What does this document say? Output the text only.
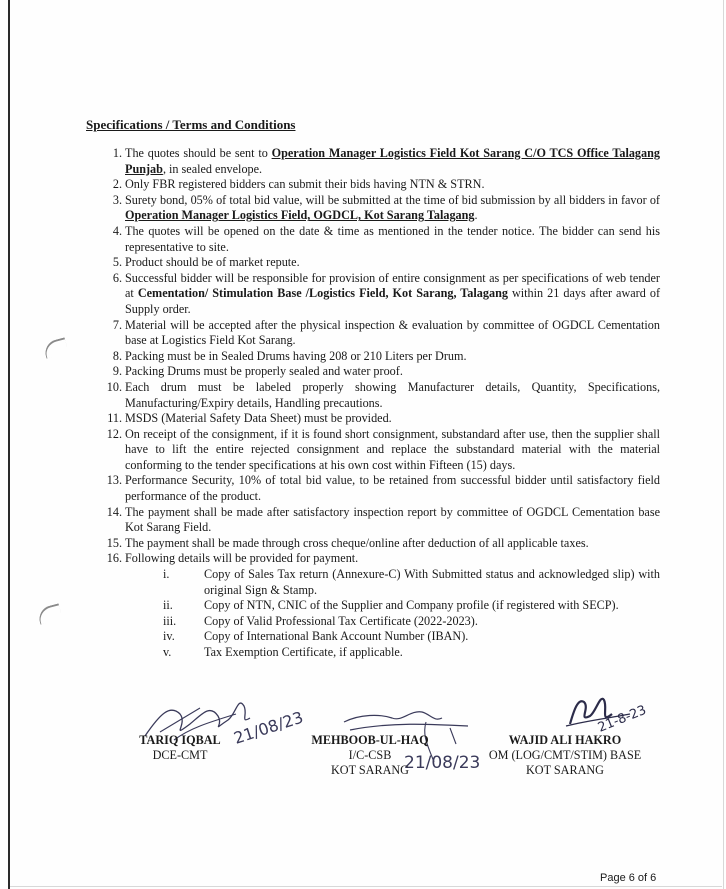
Specifications / Terms and Conditions
1. The quotes should be sent to Operation Manager Logistics Field Kot Sarang C/O TCS Office Talagang Punjab, in sealed envelope.
2. Only FBR registered bidders can submit their bids having NTN & STRN.
3. Surety bond, 05% of total bid value, will be submitted at the time of bid submission by all bidders in favor of Operation Manager Logistics Field, OGDCL, Kot Sarang Talagang.
4. The quotes will be opened on the date & time as mentioned in the tender notice. The bidder can send his representative to site.
5. Product should be of market repute.
6. Successful bidder will be responsible for provision of entire consignment as per specifications of web tender at Cementation/ Stimulation Base /Logistics Field, Kot Sarang, Talagang within 21 days after award of Supply order.
7. Material will be accepted after the physical inspection & evaluation by committee of OGDCL Cementation base at Logistics Field Kot Sarang.
8. Packing must be in Sealed Drums having 208 or 210 Liters per Drum.
9. Packing Drums must be properly sealed and water proof.
10. Each drum must be labeled properly showing Manufacturer details, Quantity, Specifications, Manufacturing/Expiry details, Handling precautions.
11. MSDS (Material Safety Data Sheet) must be provided.
12. On receipt of the consignment, if it is found short consignment, substandard after use, then the supplier shall have to lift the entire rejected consignment and replace the substandard material with the material conforming to the tender specifications at his own cost within Fifteen (15) days.
13. Performance Security, 10% of total bid value, to be retained from successful bidder until satisfactory field performance of the product.
14. The payment shall be made after satisfactory inspection report by committee of OGDCL Cementation base Kot Sarang Field.
15. The payment shall be made through cross cheque/online after deduction of all applicable taxes.
16. Following details will be provided for payment.
i.	Copy of Sales Tax return (Annexure-C) With Submitted status and acknowledged slip) with original Sign & Stamp.
ii.	Copy of NTN, CNIC of the Supplier and Company profile (if registered with SECP).
iii.	Copy of Valid Professional Tax Certificate (2022-2023).
iv.	Copy of International Bank Account Number (IBAN).
v.	Tax Exemption Certificate, if applicable.
21/08/23
21/08/23
21-8-23
TARIQ IQBAL
DCE-CMT
MEHBOOB-UL-HAQ
I/C-CSB
KOT SARANG
WAJID ALI HAKRO
OM (LOG/CMT/STIM) BASE
KOT SARANG
Page 6 of 6
